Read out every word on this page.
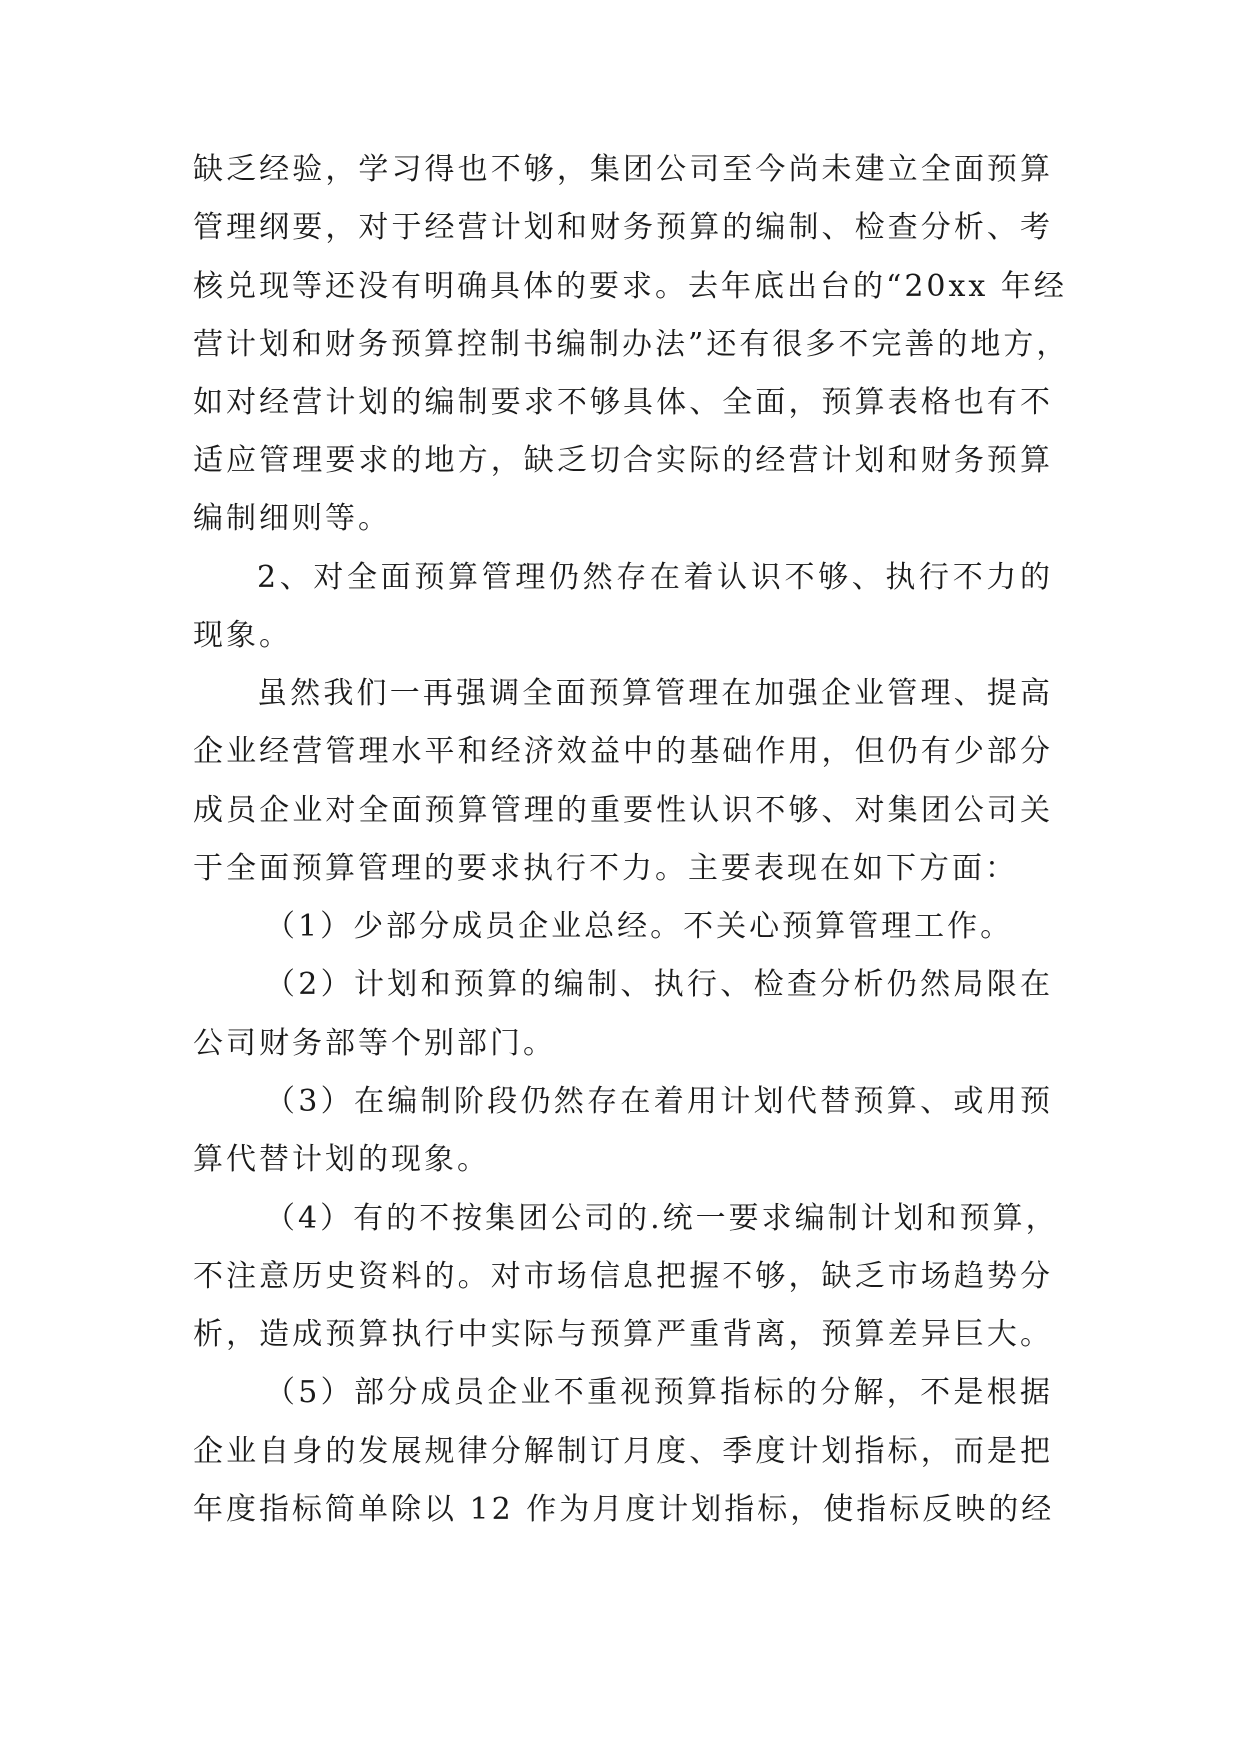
缺乏经验，学习得也不够，集团公司至今尚未建立全面预算
管理纲要，对于经营计划和财务预算的编制、检查分析、考
核兑现等还没有明确具体的要求。去年底出台的“20xx 年经
营计划和财务预算控制书编制办法”还有很多不完善的地方，
如对经营计划的编制要求不够具体、全面，预算表格也有不
适应管理要求的地方，缺乏切合实际的经营计划和财务预算
编制细则等。
2、对全面预算管理仍然存在着认识不够、执行不力的
现象。
虽然我们一再强调全面预算管理在加强企业管理、提高
企业经营管理水平和经济效益中的基础作用，但仍有少部分
成员企业对全面预算管理的重要性认识不够、对集团公司关
于全面预算管理的要求执行不力。主要表现在如下方面：
（1）少部分成员企业总经。不关心预算管理工作。
（2）计划和预算的编制、执行、检查分析仍然局限在
公司财务部等个别部门。
（3）在编制阶段仍然存在着用计划代替预算、或用预
算代替计划的现象。
（4）有的不按集团公司的.统一要求编制计划和预算，
不注意历史资料的。对市场信息把握不够，缺乏市场趋势分
析，造成预算执行中实际与预算严重背离，预算差异巨大。
（5）部分成员企业不重视预算指标的分解，不是根据
企业自身的发展规律分解制订月度、季度计划指标，而是把
年度指标简单除以 12 作为月度计划指标，使指标反映的经
